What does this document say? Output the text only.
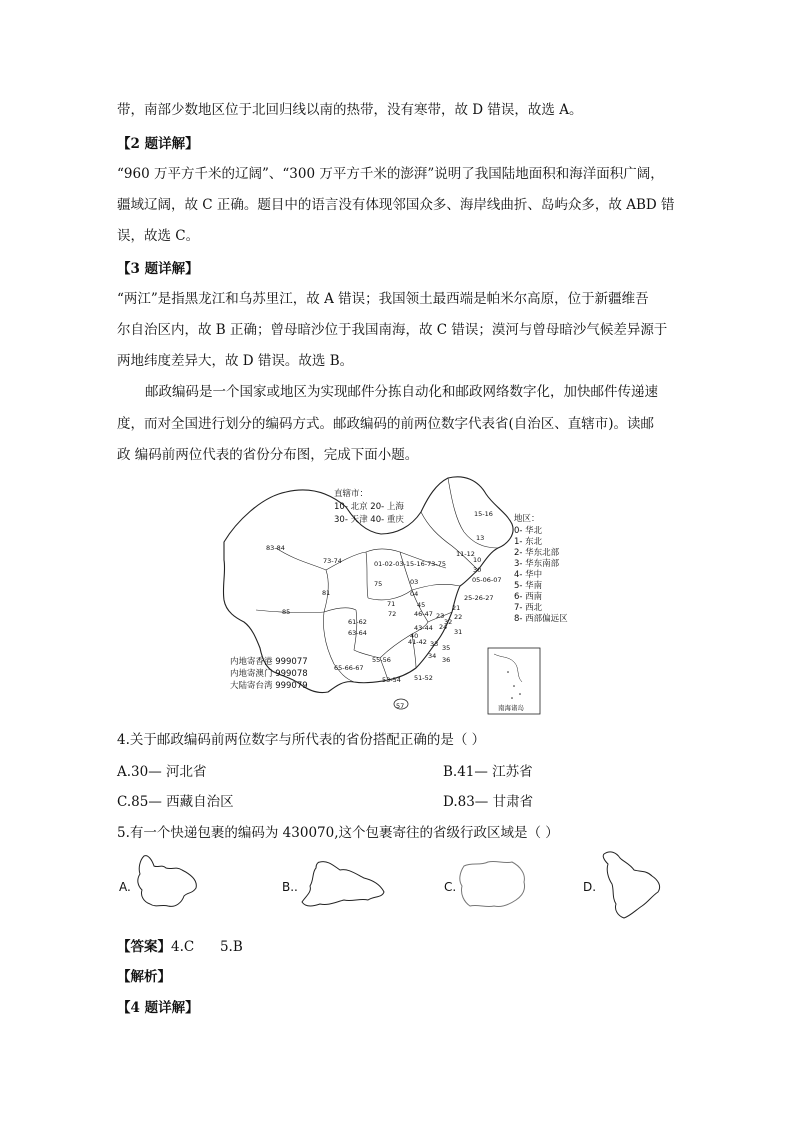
带，南部少数地区位于北回归线以南的热带，没有寒带，故 D 错误，故选 A。
【2 题详解】
“960 万平方千米的辽阔”、“300 万平方千米的澎湃”说明了我国陆地面积和海洋面积广阔，
疆域辽阔，故 C 正确。题目中的语言没有体现邻国众多、海岸线曲折、岛屿众多，故 ABD 错
误，故选 C。
【3 题详解】
“两江”是指黑龙江和乌苏里江，故 A 错误；我国领土最西端是帕米尔高原，位于新疆维吾
尔自治区内，故 B 正确；曾母暗沙位于我国南海，故 C 错误；漠河与曾母暗沙气候差异源于
两地纬度差异大，故 D 错误。故选 B。
邮政编码是一个国家或地区为实现邮件分拣自动化和邮政网络数字化，加快邮件传递速
度，而对全国进行划分的编码方式。邮政编码的前两位数字代表省(自治区、直辖市)。读邮
政 编码前两位代表的省份分布图，完成下面小题。
南海诸岛
直辖市：
10- 北京 20- 上海
30- 天津 40- 重庆	地区：
0- 华北
1- 东北
2- 华东北部
3- 华东南部
4- 华中
5- 华南
6- 西南
7- 西北
8- 西部偏远区
内地寄香港 999077
内地寄澳门 999078
大陆寄台湾 999079
83-84
85
81
73-74
75
71
72
61-62
63-64
65-66-67
55-56
53-54
57
41-42
43-44
45
46-47
40
33
34
35
36
31
32
23
24
21
22
25-26-27
05-06-07
03
04
01-02-03-15-16-73-75
11-12
13
15-16
10
30
51-52
4.关于邮政编码前两位数字与所代表的省份搭配正确的是（ ）
A.30— 河北省	B.41— 江苏省
C.85— 西藏自治区	D.83— 甘肃省
5.有一个快递包裹的编码为 430070,这个包裹寄往的省级行政区域是（ ）
A.	B..	C.	D.
【答案】4.C      5.B
【解析】
【4 题详解】
